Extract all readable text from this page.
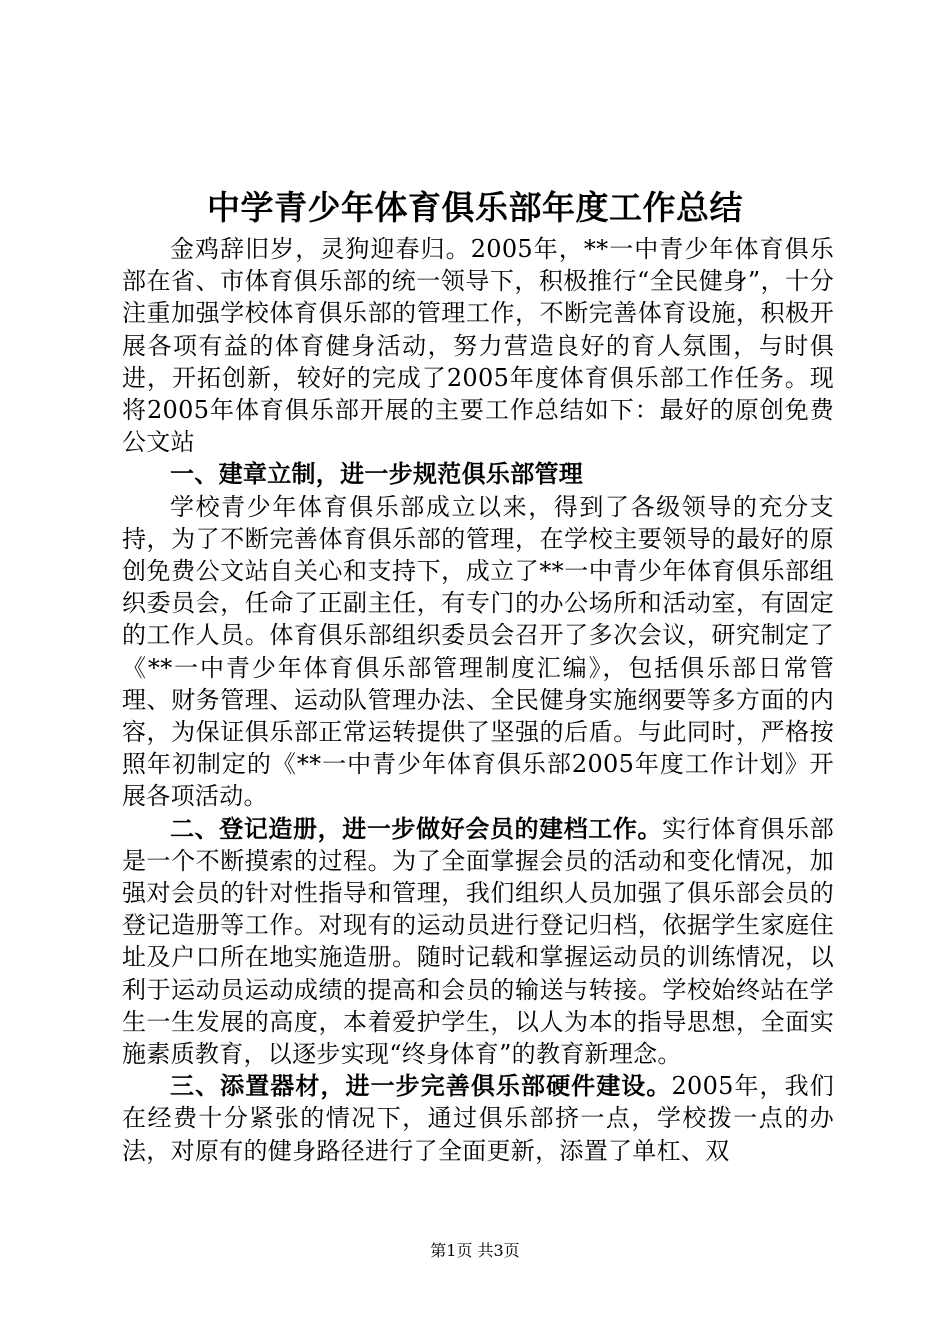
中学青少年体育俱乐部年度工作总结

金鸡辞旧岁，灵狗迎春归。2005年，**一中青少年体育俱乐部在省、市体育俱乐部的统一领导下，积极推行“全民健身”，十分注重加强学校体育俱乐部的管理工作，不断完善体育设施，积极开展各项有益的体育健身活动，努力营造良好的育人氛围，与时俱进，开拓创新，较好的完成了2005年度体育俱乐部工作任务。现将2005年体育俱乐部开展的主要工作总结如下：最好的原创免费公文站

一、建章立制，进一步规范俱乐部管理

学校青少年体育俱乐部成立以来，得到了各级领导的充分支持，为了不断完善体育俱乐部的管理，在学校主要领导的最好的原创免费公文站自关心和支持下，成立了**一中青少年体育俱乐部组织委员会，任命了正副主任，有专门的办公场所和活动室，有固定的工作人员。体育俱乐部组织委员会召开了多次会议，研究制定了《**一中青少年体育俱乐部管理制度汇编》，包括俱乐部日常管理、财务管理、运动队管理办法、全民健身实施纲要等多方面的内容，为保证俱乐部正常运转提供了坚强的后盾。与此同时，严格按照年初制定的《**一中青少年体育俱乐部2005年度工作计划》开展各项活动。

二、登记造册，进一步做好会员的建档工作。实行体育俱乐部是一个不断摸索的过程。为了全面掌握会员的活动和变化情况，加强对会员的针对性指导和管理，我们组织人员加强了俱乐部会员的登记造册等工作。对现有的运动员进行登记归档，依据学生家庭住址及户口所在地实施造册。随时记载和掌握运动员的训练情况，以利于运动员运动成绩的提高和会员的输送与转接。学校始终站在学生一生发展的高度，本着爱护学生，以人为本的指导思想，全面实施素质教育，以逐步实现“终身体育”的教育新理念。

三、添置器材，进一步完善俱乐部硬件建设。2005年，我们在经费十分紧张的情况下，通过俱乐部挤一点，学校拨一点的办法，对原有的健身路径进行了全面更新，添置了单杠、双

第1页 共3页
